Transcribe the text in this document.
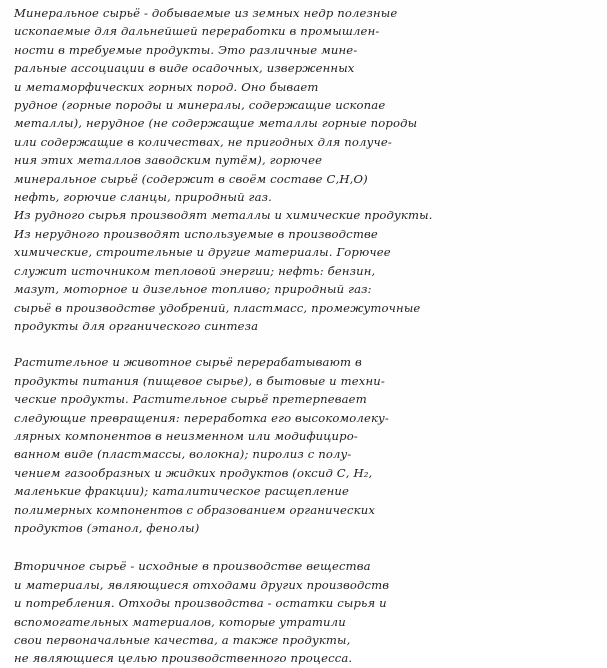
Минеральное сырьё - добываемые из земных недр полезные
ископаемые для дальнейшей переработки в промышлен-
ности в требуемые продукты. Это различные мине-
ральные ассоциации в виде осадочных, изверженных
и метаморфических горных пород. Оно бывает
рудное (горные породы и минералы, содержащие ископае
металлы), нерудное (не содержащие металлы горные породы
или содержащие в количествах, не пригодных для получе-
ния этих металлов заводским путём), горючее
минеральное сырьё (содержит в своём составе С,Н,O)
нефть, горючие сланцы, природный газ.
Из рудного сырья производят металлы и химические продукты.
Из нерудного производят используемые в производстве
химические, строительные и другие материалы. Горючее
служит источником тепловой энергии; нефть: бензин,
мазут, моторное и дизельное топливо; природный газ:
сырьё в производстве удобрений, пластмасс, промежуточные
продукты для органического синтеза
Растительное и животное сырьё перерабатывают в
продукты питания (пищевое сырье), в бытовые и техни-
ческие продукты. Растительное сырьё претерпевает
следующие превращения: переработка его высокомолеку-
лярных компонентов в неизменном или модифициро-
ванном виде (пластмассы, волокна); пиролиз с полу-
чением газообразных и жидких продуктов (оксид С, Н₂,
маленькие фракции); каталитическое расщепление
полимерных компонентов с образованием органических
продуктов (этанол, фенолы)
Вторичное сырьё - исходные в производстве вещества
и материалы, являющиеся отходами других производств
и потребления. Отходы производства - остатки сырья и
вспомогательных материалов, которые утратили
свои первоначальные качества, а также продукты,
не являющиеся целью производственного процесса.
